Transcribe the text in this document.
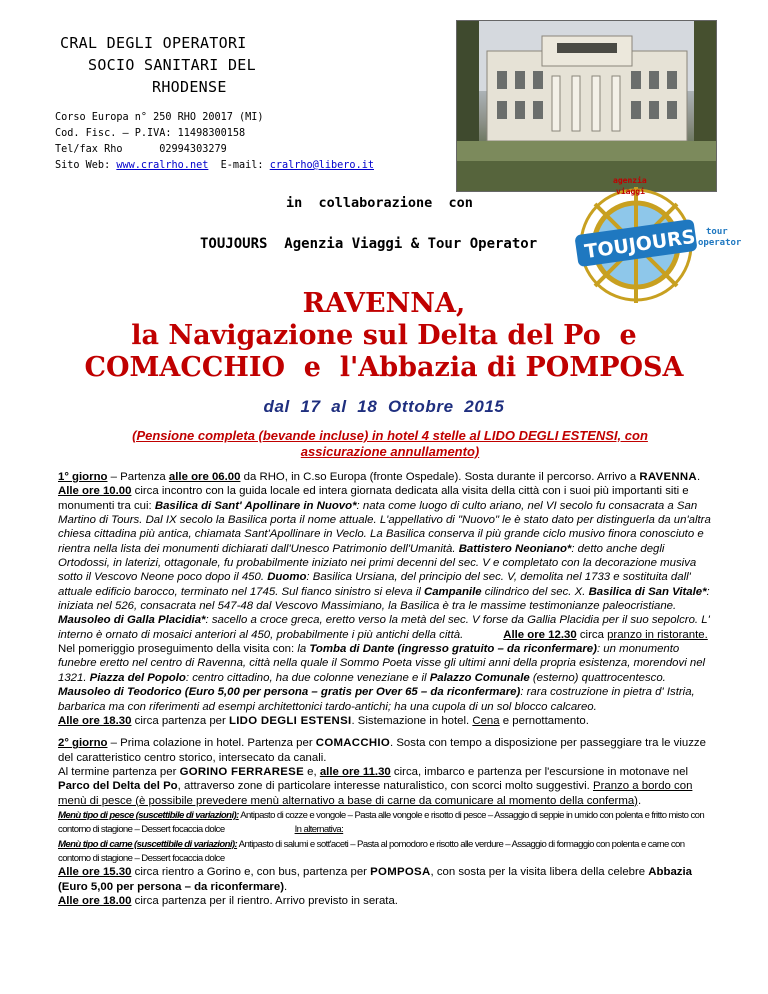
CRAL DEGLI OPERATORI
SOCIO SANITARI DEL
RHODENSE
Corso Europa n° 250 RHO 20017 (MI)
Cod. Fisc. – P.IVA: 11498300158
Tel/fax Rho      02994303279
Sito Web: www.cralrho.net  E-mail: cralrho@libero.it
in  collaborazione  con
TOUJOURS  Agenzia Viaggi & Tour Operator
agenzia
viaggi
TOUJOURS tour
operator
RAVENNA,
la Navigazione sul Delta del Po  e
COMACCHIO  e  l'Abbazia di POMPOSA
dal  17  al  18  Ottobre  2015
(Pensione completa (bevande incluse) in hotel 4 stelle al LIDO DEGLI ESTENSI, con assicurazione annullamento)

1° giorno – Partenza alle ore 06.00 da RHO, in C.so Europa (fronte Ospedale). Sosta durante il percorso. Arrivo a RAVENNA. Alle ore 10.00 circa incontro con la guida locale ed intera giornata dedicata alla visita della città con i suoi più importanti siti e monumenti tra cui: Basilica di Sant' Apollinare in Nuovo*: nata come luogo di culto ariano, nel VI secolo fu consacrata a San Martino di Tours. Dal IX secolo la Basilica porta il nome attuale. L'appellativo di "Nuovo" le è stato dato per distinguerla da un'altra chiesa cittadina più antica, chiamata Sant'Apollinare in Veclo. La Basilica conserva il più grande ciclo musivo finora conosciuto e rientra nella lista dei monumenti dichiarati dall'Unesco Patrimonio dell'Umanità. Battistero Neoniano*: detto anche degli Ortodossi, in laterizi, ottagonale, fu probabilmente iniziato nei primi decenni del sec. V e completato con la decorazione musiva sotto il Vescovo Neone poco dopo il 450. Duomo: Basilica Ursiana, del principio del sec. V, demolita nel 1733 e sostituita dall' attuale edificio barocco, terminato nel 1745. Sul fianco sinistro si eleva il Campanile cilindrico del sec. X. Basilica di San Vitale*: iniziata nel 526, consacrata nel 547-48 dal Vescovo Massimiano, la Basilica è tra le massime testimonianze paleocristiane. Mausoleo di Galla Placidia*: sacello a croce greca, eretto verso la metà del sec. V forse da Gallia Placidia per il suo sepolcro. L' interno è ornato di mosaici anteriori al 450, probabilmente i più antichi della città.	Alle ore 12.30 circa pranzo in ristorante.
Nel pomeriggio proseguimento della visita con: la Tomba di Dante (ingresso gratuito – da riconfermare): un monumento funebre eretto nel centro di Ravenna, città nella quale il Sommo Poeta visse gli ultimi anni della propria esistenza, morendovi nel 1321. Piazza del Popolo: centro cittadino, ha due colonne veneziane e il Palazzo Comunale (esterno) quattrocentesco. Mausoleo di Teodorico (Euro 5,00 per persona – gratis per Over 65 – da riconfermare): rara costruzione in pietra d' Istria, barbarica ma con riferimenti ad esempi architettonici tardo-antichi; ha una cupola di un sol blocco calcareo.
Alle ore 18.30 circa partenza per LIDO DEGLI ESTENSI. Sistemazione in hotel. Cena e pernottamento.

2° giorno – Prima colazione in hotel. Partenza per COMACCHIO. Sosta con tempo a disposizione per passeggiare tra le viuzze del caratteristico centro storico, intersecato da canali.
Al termine partenza per GORINO FERRARESE e, alle ore 11.30 circa, imbarco e partenza per l'escursione in motonave nel Parco del Delta del Po, attraverso zone di particolare interesse naturalistico, con scorci molto suggestivi. Pranzo a bordo con menù di pesce (è possibile prevedere menù alternativo a base di carne da comunicare al momento della conferma).
Menù tipo di pesce (suscettibile di variazioni): Antipasto di cozze e vongole – Pasta alle vongole e risotto di pesce – Assaggio di seppie in umido con polenta e fritto misto con contorno di stagione – Dessert focaccia dolce	In alternativa:
Menù tipo di carne (suscettibile di variazioni): Antipasto di salumi e sott'aceti – Pasta al pomodoro e risotto alle verdure – Assaggio di formaggio con polenta e carne con contorno di stagione – Dessert focaccia dolce
Alle ore 15.30 circa rientro a Gorino e, con bus, partenza per POMPOSA, con sosta per la visita libera della celebre Abbazia (Euro 5,00 per persona – da riconfermare).
Alle ore 18.00 circa partenza per il rientro. Arrivo previsto in serata.
